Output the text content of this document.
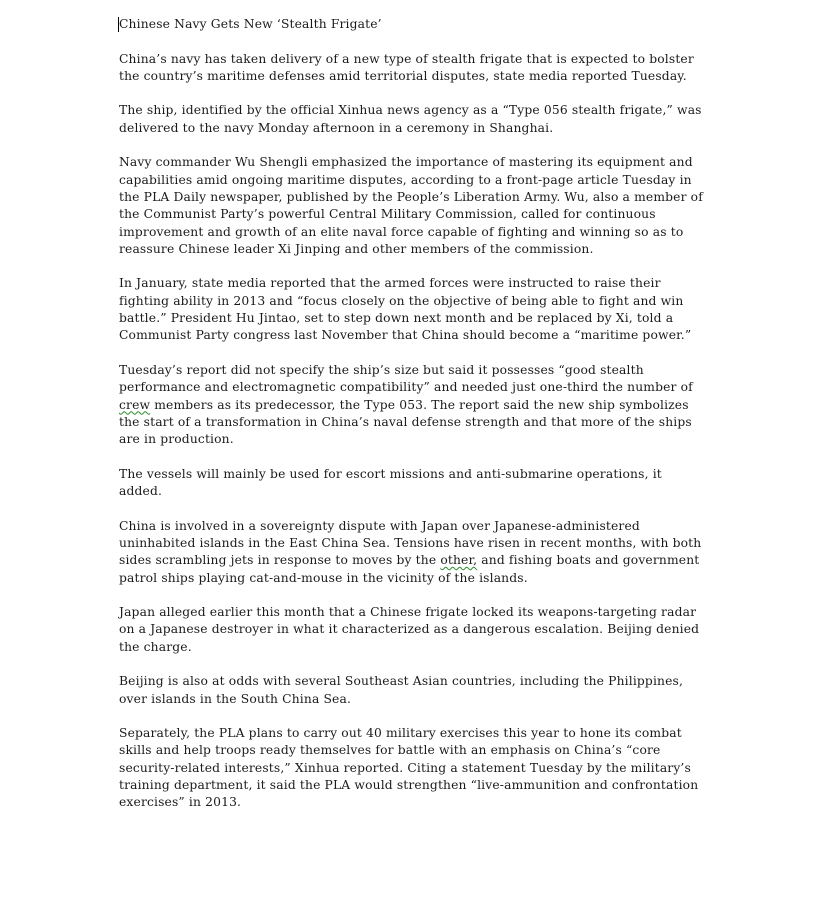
Chinese Navy Gets New ‘Stealth Frigate’

China’s navy has taken delivery of a new type of stealth frigate that is expected to bolster the country’s maritime defenses amid territorial disputes, state media reported Tuesday.

The ship, identified by the official Xinhua news agency as a “Type 056 stealth frigate,” was delivered to the navy Monday afternoon in a ceremony in Shanghai.

Navy commander Wu Shengli emphasized the importance of mastering its equipment and capabilities amid ongoing maritime disputes, according to a front-page article Tuesday in the PLA Daily newspaper, published by the People’s Liberation Army. Wu, also a member of the Communist Party’s powerful Central Military Commission, called for continuous improvement and growth of an elite naval force capable of fighting and winning so as to reassure Chinese leader Xi Jinping and other members of the commission.

In January, state media reported that the armed forces were instructed to raise their fighting ability in 2013 and “focus closely on the objective of being able to fight and win battle.” President Hu Jintao, set to step down next month and be replaced by Xi, told a Communist Party congress last November that China should become a “maritime power.”

Tuesday’s report did not specify the ship’s size but said it possesses “good stealth performance and electromagnetic compatibility” and needed just one-third the number of crew members as its predecessor, the Type 053. The report said the new ship symbolizes the start of a transformation in China’s naval defense strength and that more of the ships are in production.

The vessels will mainly be used for escort missions and anti-submarine operations, it added.

China is involved in a sovereignty dispute with Japan over Japanese-administered uninhabited islands in the East China Sea. Tensions have risen in recent months, with both sides scrambling jets in response to moves by the other, and fishing boats and government patrol ships playing cat-and-mouse in the vicinity of the islands.

Japan alleged earlier this month that a Chinese frigate locked its weapons-targeting radar on a Japanese destroyer in what it characterized as a dangerous escalation. Beijing denied the charge.

Beijing is also at odds with several Southeast Asian countries, including the Philippines, over islands in the South China Sea.

Separately, the PLA plans to carry out 40 military exercises this year to hone its combat skills and help troops ready themselves for battle with an emphasis on China’s “core security-related interests,” Xinhua reported. Citing a statement Tuesday by the military’s training department, it said the PLA would strengthen “live-ammunition and confrontation exercises” in 2013.
